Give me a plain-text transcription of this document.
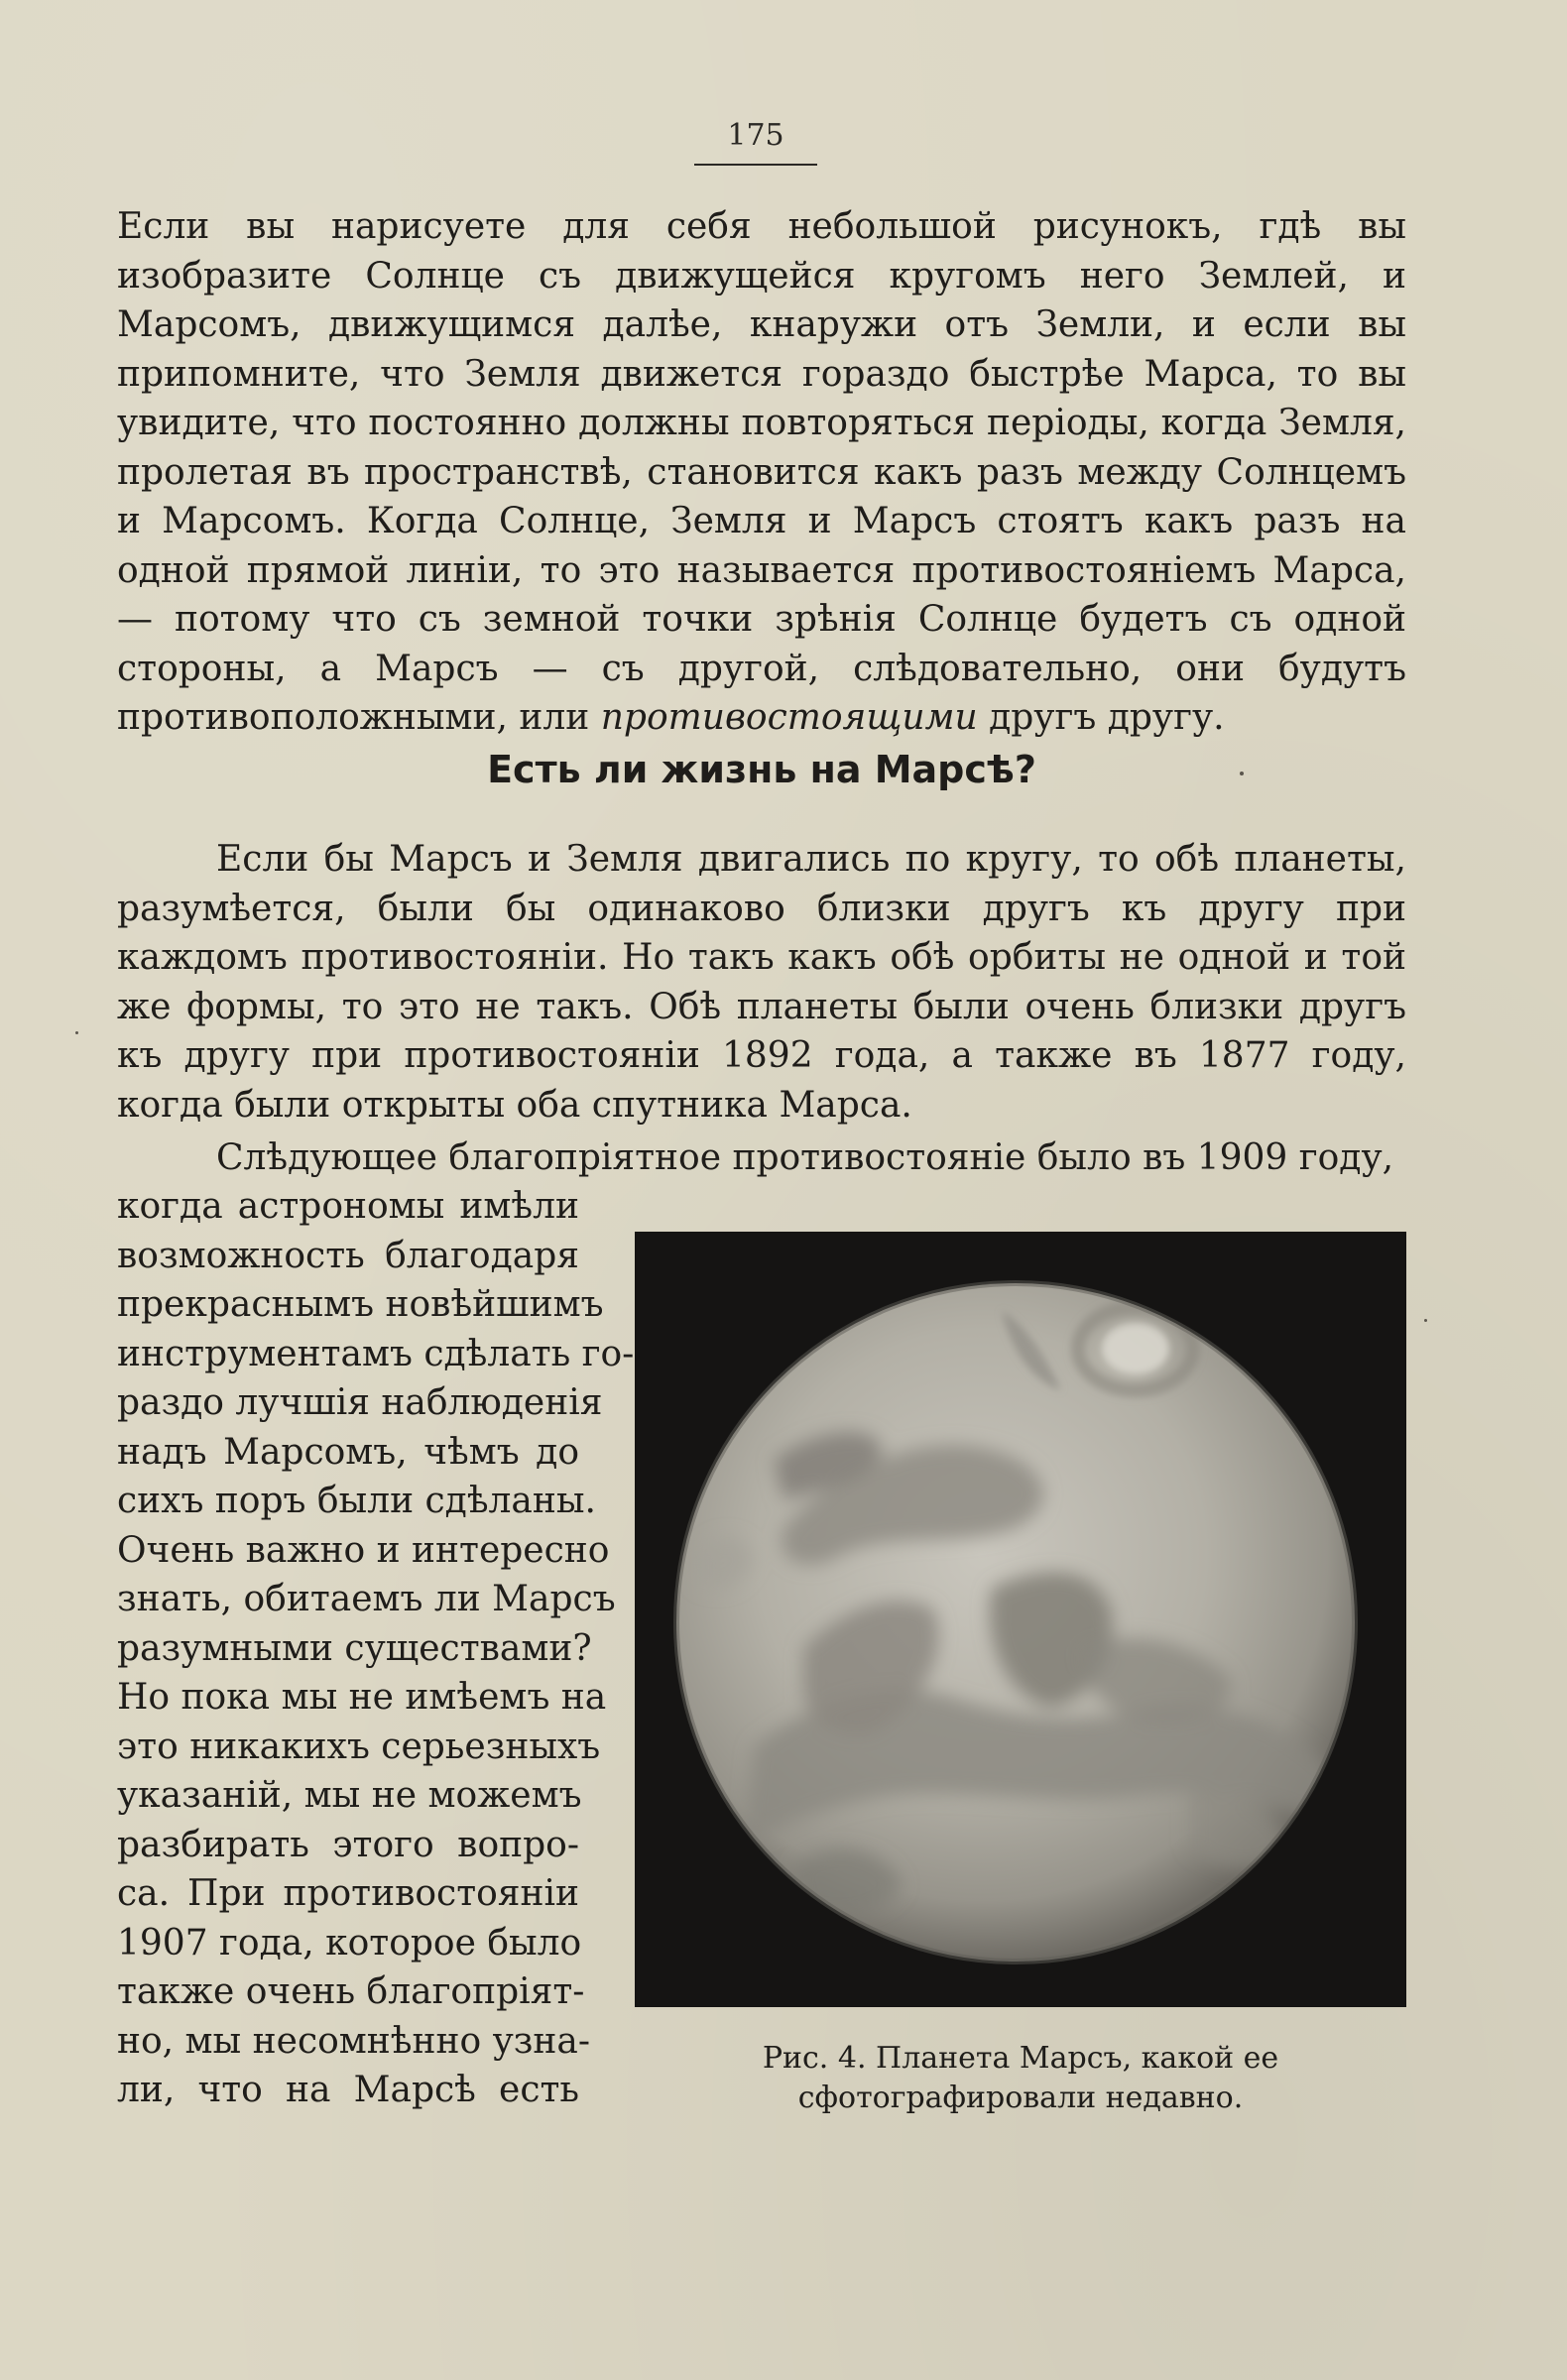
175

Если вы нарисуете для себя небольшой рисунокъ, гдѣ вы изобразите Солнце съ движущейся кругомъ него Землей, и Марсомъ, движущимся далѣе, кнаружи отъ Земли, и если вы припомните, что Земля движется гораздо быстрѣе Марса, то вы увидите, что постоянно должны повторяться періоды, когда Земля, пролетая въ пространствѣ, становится какъ разъ между Солнцемъ и Марсомъ. Когда Солнце, Земля и Марсъ стоятъ какъ разъ на одной прямой линіи, то это называется противостояніемъ Марса, — потому что съ земной точки зрѣнія Солнце будетъ съ одной стороны, а Марсъ — съ другой, слѣдовательно, они будутъ противоположными, или противостоящими другъ другу.

Есть ли жизнь на Марсѣ?

Если бы Марсъ и Земля двигались по кругу, то обѣ планеты, разумѣется, были бы одинаково близки другъ къ другу при каждомъ противостояніи. Но такъ какъ обѣ орбиты не одной и той же формы, то это не такъ. Обѣ планеты были очень близки другъ къ другу при противостояніи 1892 года, а также въ 1877 году, когда были открыты оба спутника Марса.

Слѣдующее благопріятное противостояніе было въ 1909 году,

когда астрономы имѣли
возможность благодаря
прекраснымъ новѣйшимъ
инструментамъ сдѣлать го-
раздо лучшія наблюденія
надъ Марсомъ, чѣмъ до
сихъ поръ были сдѣланы.
Очень важно и интересно
знать, обитаемъ ли Марсъ
разумными существами?
Но пока мы не имѣемъ на
это никакихъ серьезныхъ
указаній, мы не можемъ
разбирать этого вопро-
са. При противостояніи
1907 года, которое было
также очень благопріят-
но, мы несомнѣнно узна-
ли, что на Марсѣ есть

Рис. 4. Планета Марсъ, какой ее сфотографировали недавно.
